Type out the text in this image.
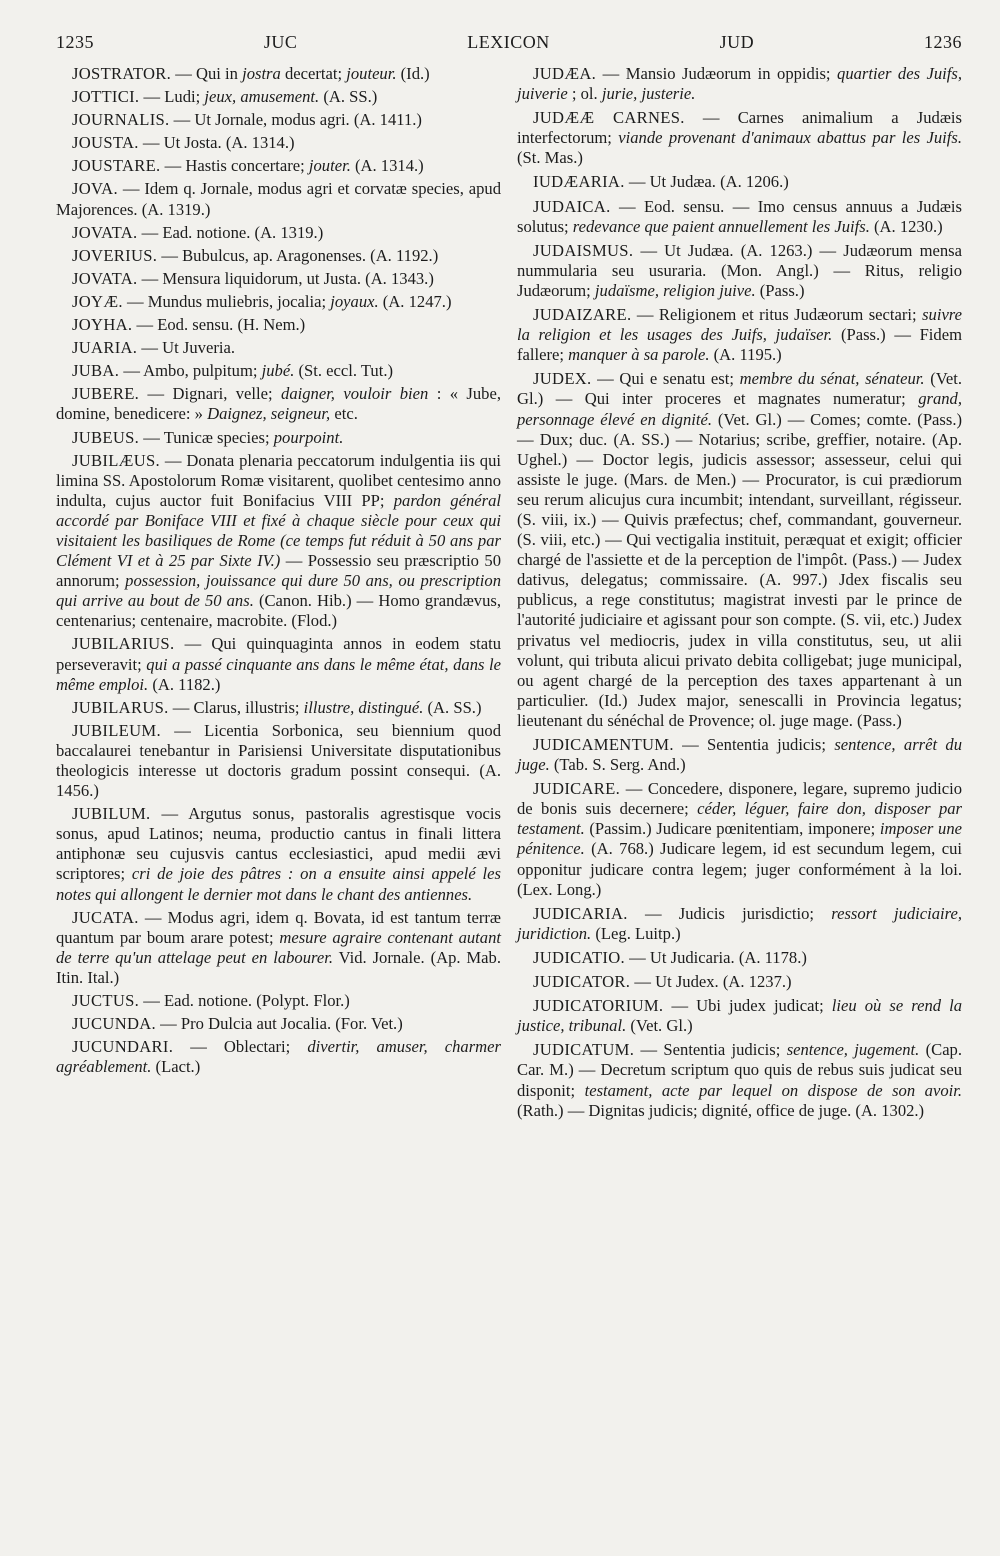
1235	JUC	LEXICON	JUD	1236

JOSTRATOR. — Qui in jostra decertat; jouteur. (Id.)

JOTTICI. — Ludi; jeux, amusement. (A. SS.)

JOURNALIS. — Ut Jornale, modus agri. (A. 1411.)

JOUSTA. — Ut Josta. (A. 1314.)

JOUSTARE. — Hastis concertare; jouter. (A. 1314.)

JOVA. — Idem q. Jornale, modus agri et corvatæ species, apud Majorences. (A. 1319.)

JOVATA. — Ead. notione. (A. 1319.)

JOVERIUS. — Bubulcus, ap. Aragonenses. (A. 1192.)

JOVATA. — Mensura liquidorum, ut Justa. (A. 1343.)

JOYÆ. — Mundus muliebris, jocalia; joyaux. (A. 1247.)

JOYHA. — Eod. sensu. (H. Nem.)

JUARIA. — Ut Juveria.

JUBA. — Ambo, pulpitum; jubé. (St. eccl. Tut.)

JUBERE. — Dignari, velle; daigner, vouloir bien : « Jube, domine, benedicere: » Daignez, seigneur, etc.

JUBEUS. — Tunicæ species; pourpoint.

JUBILÆUS. — Donata plenaria peccatorum indulgentia iis qui limina SS. Apostolorum Romæ visitarent, quolibet centesimo anno indulta, cujus auctor fuit Bonifacius VIII PP; pardon général accordé par Boniface VIII et fixé à chaque siècle pour ceux qui visitaient les basiliques de Rome (ce temps fut réduit à 50 ans par Clément VI et à 25 par Sixte IV.) — Possessio seu præscriptio 50 annorum; possession, jouissance qui dure 50 ans, ou prescription qui arrive au bout de 50 ans. (Canon. Hib.) — Homo grandævus, centenarius; centenaire, macrobite. (Flod.)

JUBILARIUS. — Qui quinquaginta annos in eodem statu perseveravit; qui a passé cinquante ans dans le même état, dans le même emploi. (A. 1182.)

JUBILARUS. — Clarus, illustris; illustre, distingué. (A. SS.)

JUBILEUM. — Licentia Sorbonica, seu biennium quod baccalaurei tenebantur in Parisiensi Universitate disputationibus theologicis interesse ut doctoris gradum possint consequi. (A. 1456.)

JUBILUM. — Argutus sonus, pastoralis agrestisque vocis sonus, apud Latinos; neuma, productio cantus in finali littera antiphonæ seu cujusvis cantus ecclesiastici, apud medii ævi scriptores; cri de joie des pâtres : on a ensuite ainsi appelé les notes qui allongent le dernier mot dans le chant des antiennes.

JUCATA. — Modus agri, idem q. Bovata, id est tantum terræ quantum par boum arare potest; mesure agraire contenant autant de terre qu'un attelage peut en labourer. Vid. Jornale. (Ap. Mab. Itin. Ital.)

JUCTUS. — Ead. notione. (Polypt. Flor.)

JUCUNDA. — Pro Dulcia aut Jocalia. (For. Vet.)

JUCUNDARI. — Oblectari; divertir, amuser, charmer agréablement. (Lact.)

JUDÆA. — Mansio Judæorum in oppidis; quartier des Juifs, juiverie ; ol. jurie, justerie.

JUDÆÆ CARNES. — Carnes animalium a Judæis interfectorum; viande provenant d'animaux abattus par les Juifs. (St. Mas.)

IUDÆARIA. — Ut Judæa. (A. 1206.)

JUDAICA. — Eod. sensu. — Imo census annuus a Judæis solutus; redevance que paient annuellement les Juifs. (A. 1230.)

JUDAISMUS. — Ut Judæa. (A. 1263.) — Judæorum mensa nummularia seu usuraria. (Mon. Angl.) — Ritus, religio Judæorum; judaïsme, religion juive. (Pass.)

JUDAIZARE. — Religionem et ritus Judæorum sectari; suivre la religion et les usages des Juifs, judaïser. (Pass.) — Fidem fallere; manquer à sa parole. (A. 1195.)

JUDEX. — Qui e senatu est; membre du sénat, sénateur. (Vet. Gl.) — Qui inter proceres et magnates numeratur; grand, personnage élevé en dignité. (Vet. Gl.) — Comes; comte. (Pass.) — Dux; duc. (A. SS.) — Notarius; scribe, greffier, notaire. (Ap. Ughel.) — Doctor legis, judicis assessor; assesseur, celui qui assiste le juge. (Mars. de Men.) — Procurator, is cui prædiorum seu rerum alicujus cura incumbit; intendant, surveillant, régisseur. (S. viii, ix.) — Quivis præfectus; chef, commandant, gouverneur. (S. viii, etc.) — Qui vectigalia instituit, peræquat et exigit; officier chargé de l'assiette et de la perception de l'impôt. (Pass.) — Judex dativus, delegatus; commissaire. (A. 997.) Jdex fiscalis seu publicus, a rege constitutus; magistrat investi par le prince de l'autorité judiciaire et agissant pour son compte. (S. vii, etc.) Judex privatus vel mediocris, judex in villa constitutus, seu, ut alii volunt, qui tributa alicui privato debita colligebat; juge municipal, ou agent chargé de la perception des taxes appartenant à un particulier. (Id.) Judex major, senescalli in Provincia legatus; lieutenant du sénéchal de Provence; ol. juge mage. (Pass.)

JUDICAMENTUM. — Sententia judicis; sentence, arrêt du juge. (Tab. S. Serg. And.)

JUDICARE. — Concedere, disponere, legare, supremo judicio de bonis suis decernere; céder, léguer, faire don, disposer par testament. (Passim.) Judicare pœnitentiam, imponere; imposer une pénitence. (A. 768.) Judicare legem, id est secundum legem, cui opponitur judicare contra legem; juger conformément à la loi. (Lex. Long.)

JUDICARIA. — Judicis jurisdictio; ressort judiciaire, juridiction. (Leg. Luitp.)

JUDICATIO. — Ut Judicaria. (A. 1178.)

JUDICATOR. — Ut Judex. (A. 1237.)

JUDICATORIUM. — Ubi judex judicat; lieu où se rend la justice, tribunal. (Vet. Gl.)

JUDICATUM. — Sententia judicis; sentence, jugement. (Cap. Car. M.) — Decretum scriptum quo quis de rebus suis judicat seu disponit; testament, acte par lequel on dispose de son avoir. (Rath.) — Dignitas judicis; dignité, office de juge. (A. 1302.)
